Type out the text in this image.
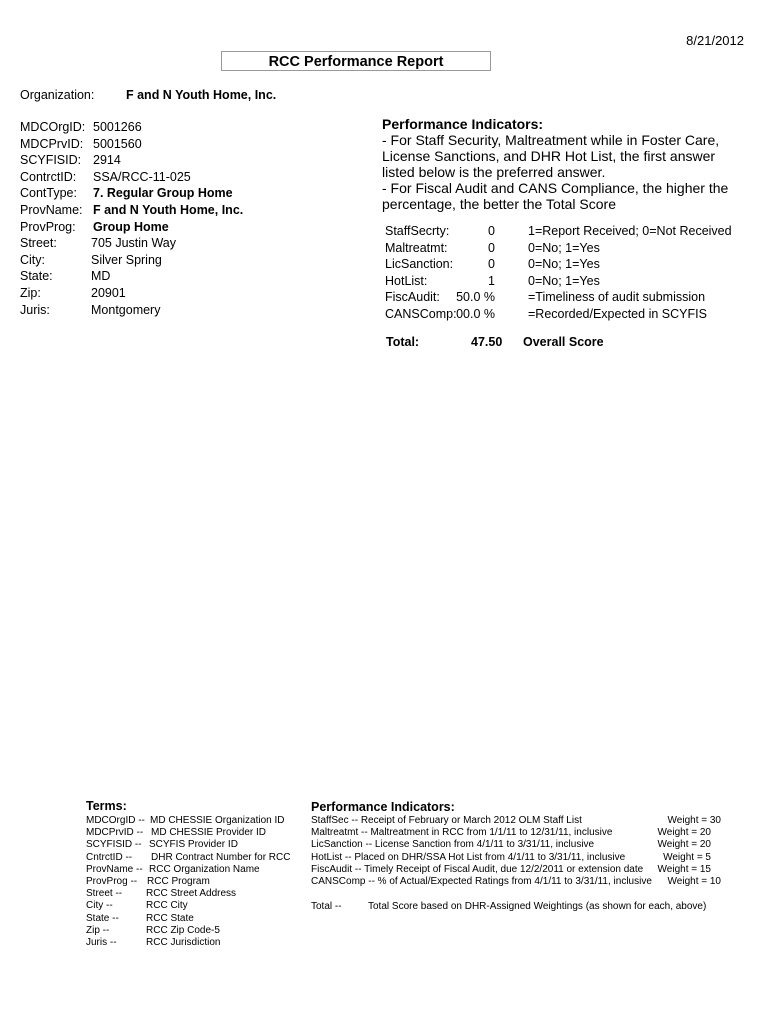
8/21/2012
RCC Performance Report
Organization:	F and N Youth Home, Inc.
MDCOrgID: 5001266
MDCPrvID: 5001560
SCYFISID: 2914
ContrctID: SSA/RCC-11-025
ContType: 7. Regular Group Home
ProvName: F and N Youth Home, Inc.
ProvProg: Group Home
Street:	705 Justin Way
City:	Silver Spring
State:	MD
Zip:	20901
Juris:	Montgomery
Performance Indicators:
- For Staff Security, Maltreatment while in Foster Care, License Sanctions, and DHR Hot List, the first answer listed below is the preferred answer.
- For Fiscal Audit and CANS Compliance, the higher the percentage, the better the Total Score
StaffSecrty:	0	1=Report Received; 0=Not Received
Maltreatmt:	0	0=No; 1=Yes
LicSanction:	0	0=No; 1=Yes
HotList:	1	0=No; 1=Yes
FiscAudit: 50.0 %	=Timeliness of audit submission
CANSComp: 00.0 %	=Recorded/Expected in SCYFIS
Total:	47.50 Overall Score
Terms:
MDCOrgID -- MD CHESSIE Organization ID
MDCPrvID -- MD CHESSIE Provider ID
SCYFISID -- SCYFIS Provider ID
CntrctID -- DHR Contract Number for RCC
ProvName -- RCC Organization Name
ProvProg -- RCC Program
Street -- RCC Street Address
City --	RCC City
State --	RCC State
Zip --	RCC Zip Code-5
Juris --	RCC Jurisdiction
Performance Indicators:
StaffSec -- Receipt of February or March 2012 OLM Staff List	Weight = 30
Maltreatmt -- Maltreatment in RCC from 1/1/11 to 12/31/11, inclusive	Weight = 20
LicSanction -- License Sanction from 4/1/11 to 3/31/11, inclusive	Weight = 20
HotList -- Placed on DHR/SSA Hot List from 4/1/11 to 3/31/11, inclusive	Weight = 5
FiscAudit -- Timely Receipt of Fiscal Audit, due 12/2/2011 or extension date Weight = 15
CANSComp -- % of Actual/Expected Ratings from 4/1/11 to 3/31/11, inclusive Weight = 10
Total --	Total Score based on DHR-Assigned Weightings (as shown for each, above)
